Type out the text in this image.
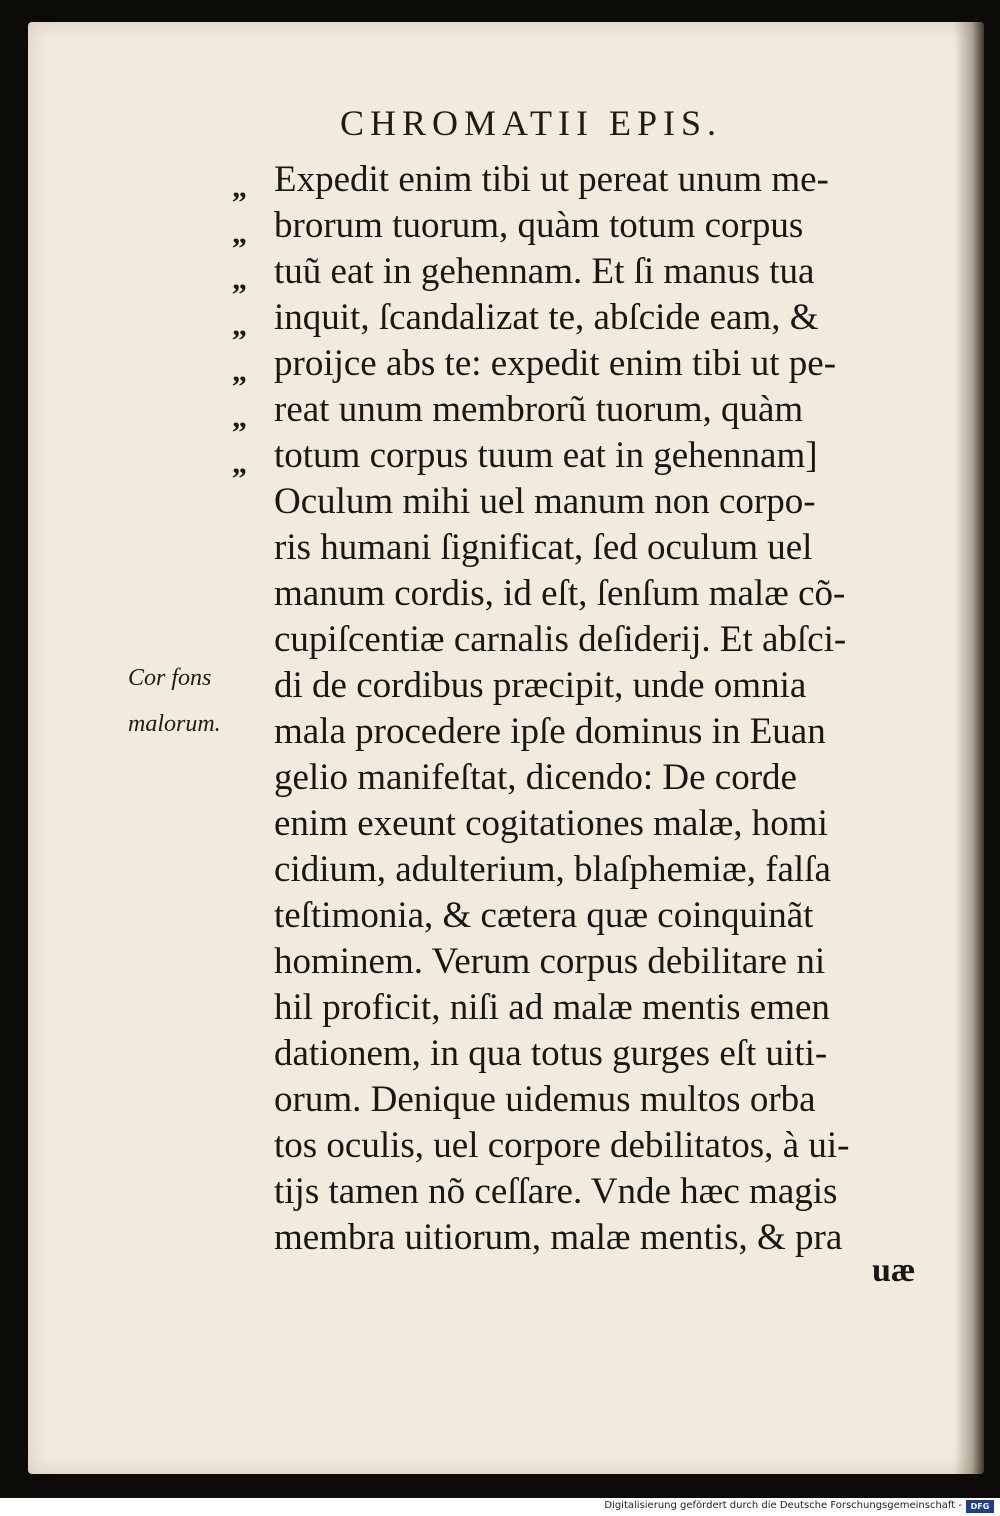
CHROMATII EPIS.
„
„
„
„
„
„
„
Expedit enim tibi ut pereat unum me-
brorum tuorum, quàm totum corpus
tuũ eat in gehennam. Et ſi manus tua
inquit, ſcandalizat te, abſcide eam, &
proijce abs te: expedit enim tibi ut pe-
reat unum membrorũ tuorum, quàm
totum corpus tuum eat in gehennam]
Oculum mihi uel manum non corpo-
ris humani ſignificat, ſed oculum uel
manum cordis, id eſt, ſenſum malæ cõ-
cupiſcentiæ carnalis deſiderij. Et abſci-
di de cordibus præcipit, unde omnia
mala procedere ipſe dominus in Euan
gelio manifeſtat, dicendo: De corde
enim exeunt cogitationes malæ, homi
cidium, adulterium, blaſphemiæ, falſa
teſtimonia, & cætera quæ coinquinãt
hominem. Verum corpus debilitare ni
hil proficit, niſi ad malæ mentis emen
dationem, in qua totus gurges eſt uiti-
orum. Denique uidemus multos orba
tos oculis, uel corpore debilitatos, à ui-
tijs tamen nõ ceſſare. Vnde hæc magis
membra uitiorum, malæ mentis, & pra
Cor fons
malorum.
uæ
Digitalisierung gefördert durch die Deutsche Forschungsgemeinschaft -	DFG
